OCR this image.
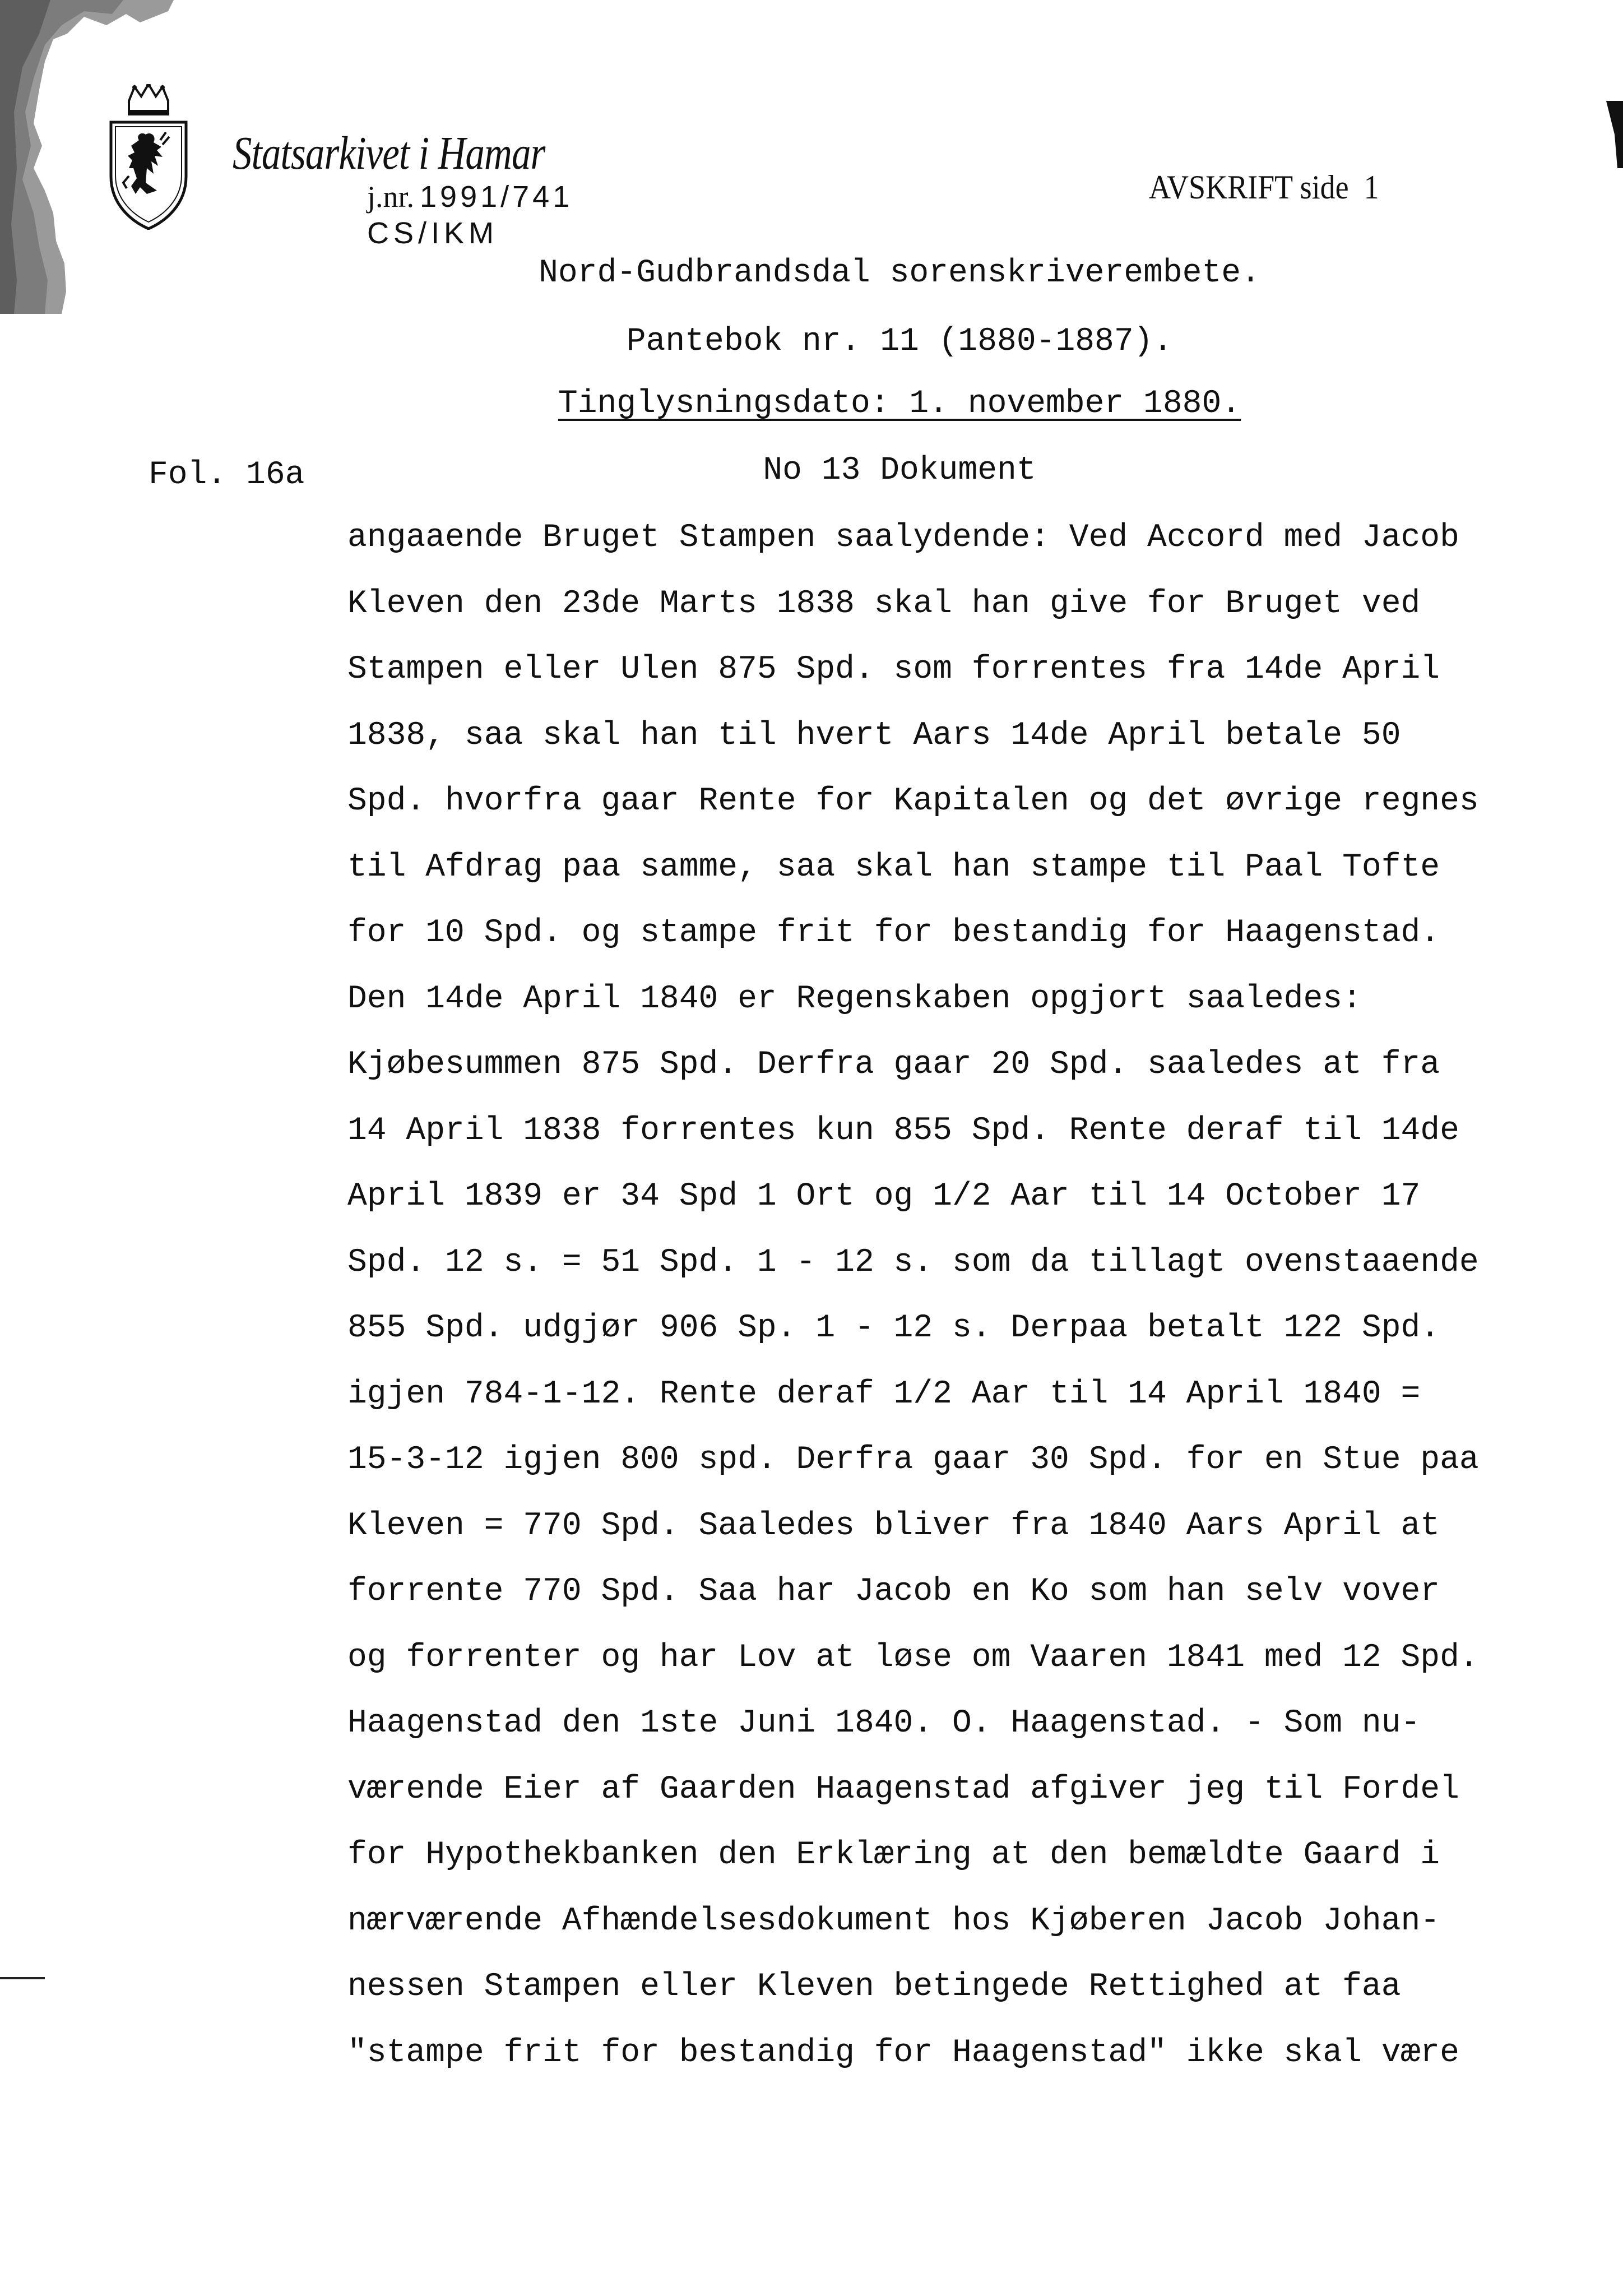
Statsarkivet i Hamar
j.nr. 1991/741
CS/IKM
AVSKRIFT side 1
Nord-Gudbrandsdal sorenskriverembete.
Pantebok nr. 11 (1880-1887).
Tinglysningsdato: 1. november 1880.
No 13 Dokument
Fol. 16a
angaaende Bruget Stampen saalydende: Ved Accord med Jacob
Kleven den 23de Marts 1838 skal han give for Bruget ved
Stampen eller Ulen 875 Spd. som forrentes fra 14de April
1838, saa skal han til hvert Aars 14de April betale 50
Spd. hvorfra gaar Rente for Kapitalen og det øvrige regnes
til Afdrag paa samme, saa skal han stampe til Paal Tofte
for 10 Spd. og stampe frit for bestandig for Haagenstad.
Den 14de April 1840 er Regenskaben opgjort saaledes:
Kjøbesummen 875 Spd. Derfra gaar 20 Spd. saaledes at fra
14 April 1838 forrentes kun 855 Spd. Rente deraf til 14de
April 1839 er 34 Spd 1 Ort og 1/2 Aar til 14 October 17
Spd. 12 s. = 51 Spd. 1 - 12 s. som da tillagt ovenstaaende
855 Spd. udgjør 906 Sp. 1 - 12 s. Derpaa betalt 122 Spd.
igjen 784-1-12. Rente deraf 1/2 Aar til 14 April 1840 =
15-3-12 igjen 800 spd. Derfra gaar 30 Spd. for en Stue paa
Kleven = 770 Spd. Saaledes bliver fra 1840 Aars April at
forrente 770 Spd. Saa har Jacob en Ko som han selv vover
og forrenter og har Lov at løse om Vaaren 1841 med 12 Spd.
Haagenstad den 1ste Juni 1840. O. Haagenstad. - Som nu-
værende Eier af Gaarden Haagenstad afgiver jeg til Fordel
for Hypothekbanken den Erklæring at den bemældte Gaard i
nærværende Afhændelsesdokument hos Kjøberen Jacob Johan-
nessen Stampen eller Kleven betingede Rettighed at faa
"stampe frit for bestandig for Haagenstad" ikke skal være
